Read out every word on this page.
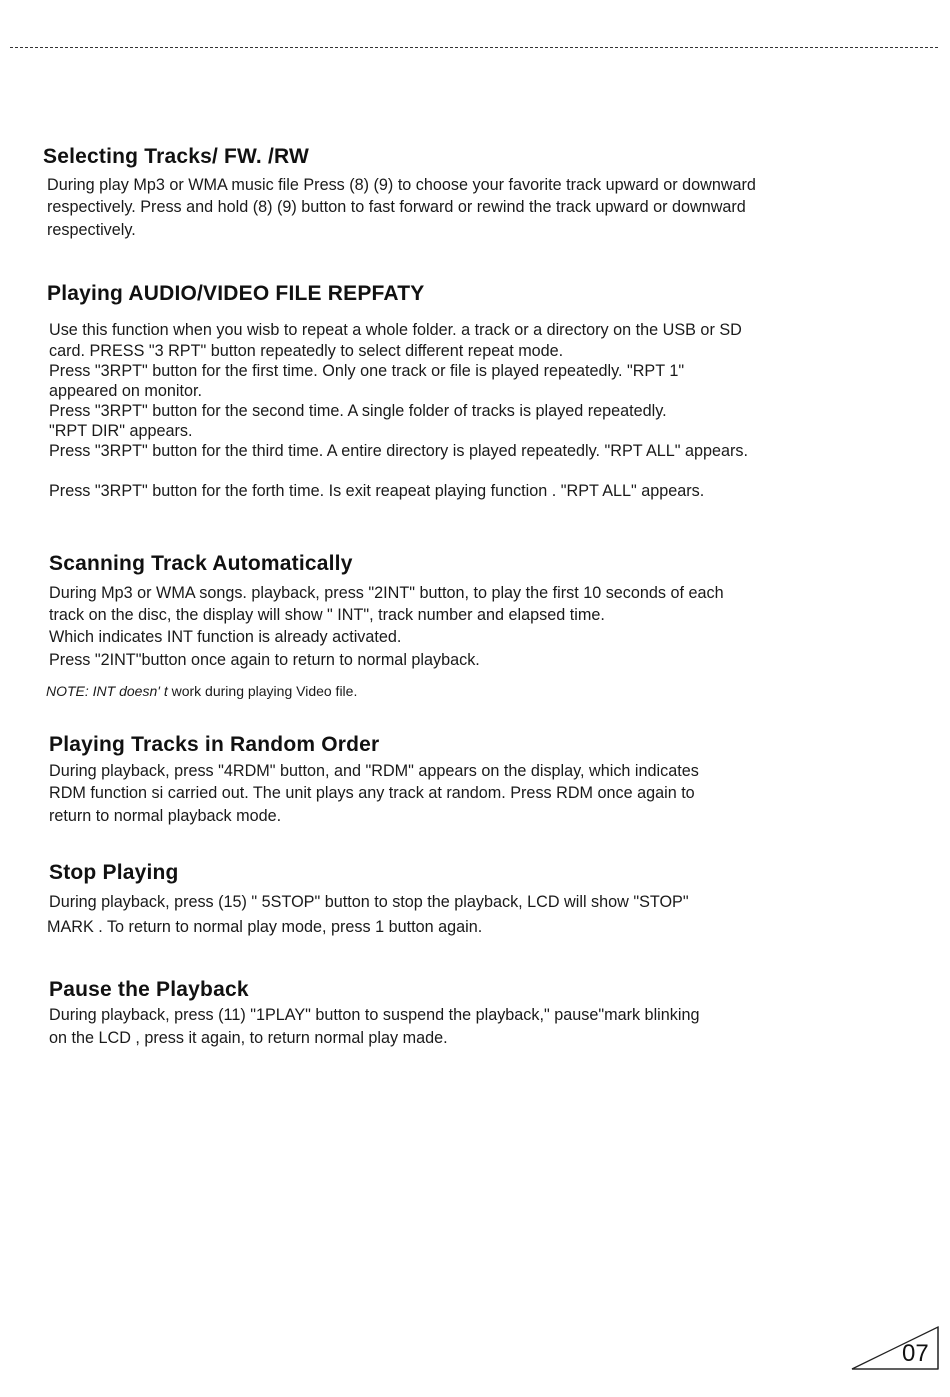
Selecting Tracks/ FW. /RW
During play Mp3 or WMA music file Press (8) (9) to choose your favorite track upward or downward
respectively. Press and hold (8) (9) button to fast forward or rewind the track upward or downward
respectively.
Playing AUDIO/VIDEO FILE REPFATY
Use this function when you wisb to repeat a whole folder. a track or a directory on the USB or SD
card. PRESS "3 RPT" button repeatedly to select different repeat mode.
Press "3RPT" button for the first time. Only one track or file is played repeatedly. "RPT 1"
appeared on monitor.
Press "3RPT" button for the second time. A single folder of tracks is played repeatedly.
"RPT DIR" appears.
Press "3RPT" button for the third time. A entire directory is played repeatedly. "RPT ALL" appears.
Press "3RPT" button for the forth time. Is exit reapeat playing function . "RPT ALL" appears.
Scanning Track Automatically
During Mp3 or WMA songs. playback, press "2INT" button, to play the first 10 seconds of each
track on the disc, the display will show " INT", track number and elapsed time.
Which indicates INT function is already activated.
Press "2INT"button once again to return to normal playback.
NOTE: INT doesn' t work during playing Video file.
Playing Tracks in Random Order
During playback, press "4RDM" button, and "RDM" appears on the display, which indicates
RDM function si carried out. The unit plays any track at random. Press RDM once again to
return to normal playback mode.
Stop Playing
During playback, press (15) " 5STOP" button to stop the playback, LCD will show "STOP"
MARK . To return to normal play mode, press 1 button again.
Pause the Playback
During playback, press (11) "1PLAY" button to suspend the playback," pause"mark blinking
on the LCD , press it again, to return normal play made.
07
